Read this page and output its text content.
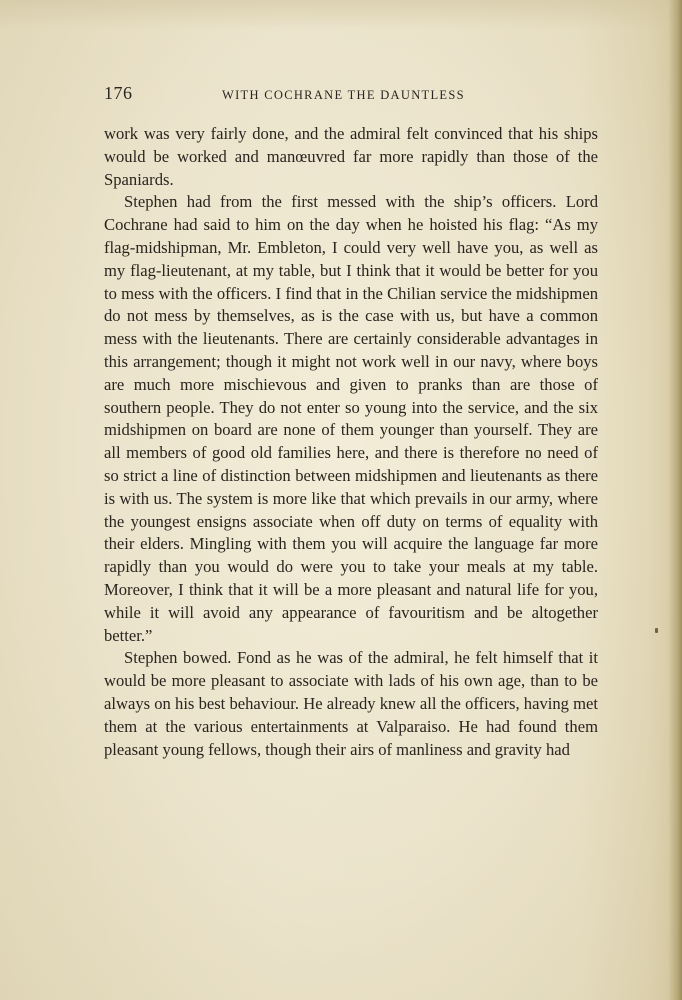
176	WITH COCHRANE THE DAUNTLESS

work was very fairly done, and the admiral felt convinced that his ships would be worked and manœuvred far more rapidly than those of the Spaniards.

Stephen had from the first messed with the ship’s officers. Lord Cochrane had said to him on the day when he hoisted his flag: “As my flag-midshipman, Mr. Embleton, I could very well have you, as well as my flag-lieutenant, at my table, but I think that it would be better for you to mess with the officers. I find that in the Chilian service the midshipmen do not mess by themselves, as is the case with us, but have a common mess with the lieutenants. There are certainly considerable advantages in this arrangement; though it might not work well in our navy, where boys are much more mischievous and given to pranks than are those of southern people. They do not enter so young into the service, and the six midshipmen on board are none of them younger than yourself. They are all members of good old families here, and there is therefore no need of so strict a line of distinction between midshipmen and lieutenants as there is with us. The system is more like that which prevails in our army, where the youngest ensigns associate when off duty on terms of equality with their elders. Mingling with them you will acquire the language far more rapidly than you would do were you to take your meals at my table. Moreover, I think that it will be a more pleasant and natural life for you, while it will avoid any appearance of favouritism and be altogether better.”

Stephen bowed. Fond as he was of the admiral, he felt himself that it would be more pleasant to associate with lads of his own age, than to be always on his best behaviour. He already knew all the officers, having met them at the various entertainments at Valparaiso. He had found them pleasant young fellows, though their airs of manliness and gravity had
